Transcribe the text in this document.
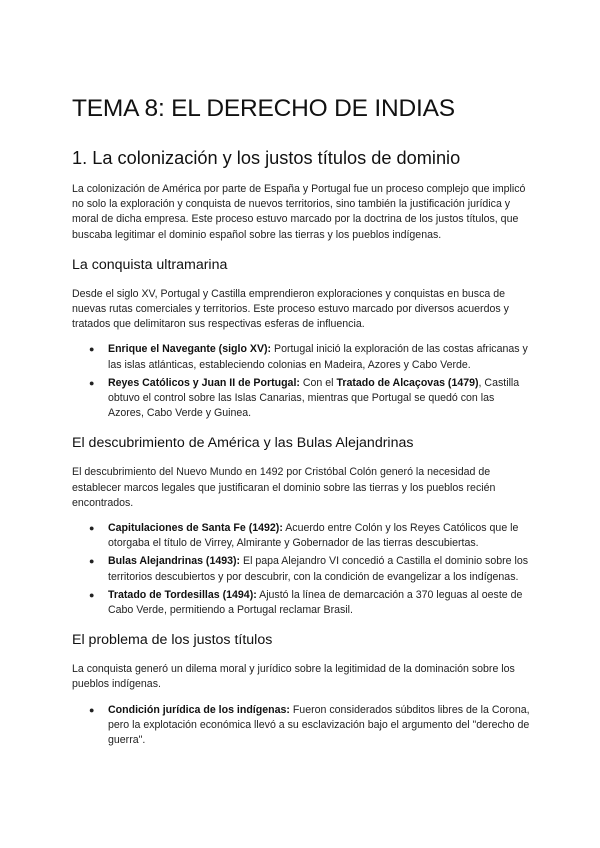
TEMA 8: EL DERECHO DE INDIAS
1. La colonización y los justos títulos de dominio

La colonización de América por parte de España y Portugal fue un proceso complejo que implicó no solo la exploración y conquista de nuevos territorios, sino también la justificación jurídica y moral de dicha empresa. Este proceso estuvo marcado por la doctrina de los justos títulos, que buscaba legitimar el dominio español sobre las tierras y los pueblos indígenas.

La conquista ultramarina

Desde el siglo XV, Portugal y Castilla emprendieron exploraciones y conquistas en busca de nuevas rutas comerciales y territorios. Este proceso estuvo marcado por diversos acuerdos y tratados que delimitaron sus respectivas esferas de influencia.

● Enrique el Navegante (siglo XV): Portugal inició la exploración de las costas africanas y las islas atlánticas, estableciendo colonias en Madeira, Azores y Cabo Verde.
● Reyes Católicos y Juan II de Portugal: Con el Tratado de Alcaçovas (1479), Castilla obtuvo el control sobre las Islas Canarias, mientras que Portugal se quedó con las Azores, Cabo Verde y Guinea.
El descubrimiento de América y las Bulas Alejandrinas

El descubrimiento del Nuevo Mundo en 1492 por Cristóbal Colón generó la necesidad de establecer marcos legales que justificaran el dominio sobre las tierras y los pueblos recién encontrados.

● Capitulaciones de Santa Fe (1492): Acuerdo entre Colón y los Reyes Católicos que le otorgaba el título de Virrey, Almirante y Gobernador de las tierras descubiertas.
● Bulas Alejandrinas (1493): El papa Alejandro VI concedió a Castilla el dominio sobre los territorios descubiertos y por descubrir, con la condición de evangelizar a los indígenas.
● Tratado de Tordesillas (1494): Ajustó la línea de demarcación a 370 leguas al oeste de Cabo Verde, permitiendo a Portugal reclamar Brasil.
El problema de los justos títulos

La conquista generó un dilema moral y jurídico sobre la legitimidad de la dominación sobre los pueblos indígenas.

● Condición jurídica de los indígenas: Fueron considerados súbditos libres de la Corona, pero la explotación económica llevó a su esclavización bajo el argumento del "derecho de guerra".
